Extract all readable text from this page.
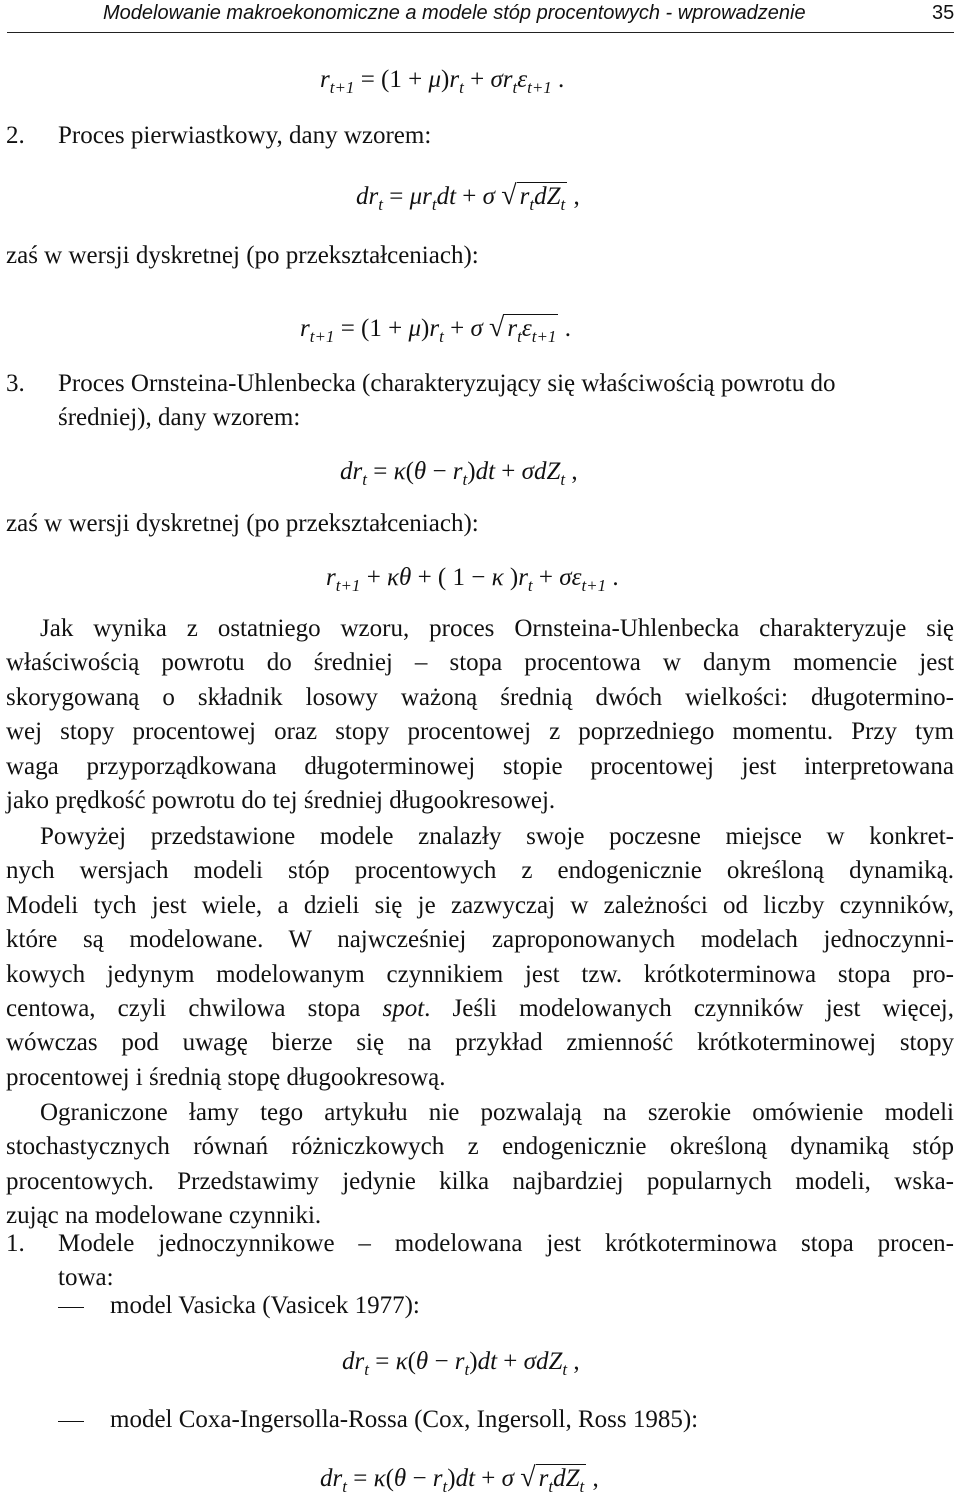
Modelowanie makroekonomiczne a modele stóp procentowych - wprowadzenie	35
$r_{t+1} = (1 + \mu)r_t + \sigma r_t\varepsilon_{t+1}$ .
2. Proces pierwiastkowy, dany wzorem:
$dr_t = \mu r_tdt + \sigma$ √ $r_tdZ_t$ ,
zaś w wersji dyskretnej (po przekształceniach):
$r_{t+1} = (1 + \mu)r_t + \sigma$ √ $r_t\varepsilon_{t+1}$ .
3. Proces Ornsteina-Uhlenbecka (charakteryzujący się właściwością powrotu do
średniej), dany wzorem:
$dr_t = \kappa(\theta - r_t)dt + \sigma dZ_t$ ,
zaś w wersji dyskretnej (po przekształceniach):
$r_{t+1} + \kappa\theta$ + ( 1 − κ )$r_t + \sigma\varepsilon_{t+1}$ .
Jak wynika z ostatniego wzoru, proces Ornsteina-Uhlenbecka charakteryzuje się
właściwością powrotu do średniej – stopa procentowa w danym momencie jest
skorygowaną o składnik losowy ważoną średnią dwóch wielkości: długotermino-
wej stopy procentowej oraz stopy procentowej z poprzedniego momentu. Przy tym
waga przyporządkowana długoterminowej stopie procentowej jest interpretowana
jako prędkość powrotu do tej średniej długookresowej.
Powyżej przedstawione modele znalazły swoje poczesne miejsce w konkret-
nych wersjach modeli stóp procentowych z endogenicznie określoną dynamiką.
Modeli tych jest wiele, a dzieli się je zazwyczaj w zależności od liczby czynników,
które są modelowane. W najwcześniej zaproponowanych modelach jednoczynni-
kowych jedynym modelowanym czynnikiem jest tzw. krótkoterminowa stopa pro-
centowa, czyli chwilowa stopa spot. Jeśli modelowanych czynników jest więcej,
wówczas pod uwagę bierze się na przykład zmienność krótkoterminowej stopy
procentowej i średnią stopę długookresową.
Ograniczone łamy tego artykułu nie pozwalają na szerokie omówienie modeli
stochastycznych równań różniczkowych z endogenicznie określoną dynamiką stóp
procentowych. Przedstawimy jedynie kilka najbardziej popularnych modeli, wska-
zując na modelowane czynniki.
1. Modele jednoczynnikowe – modelowana jest krótkoterminowa stopa procen-
towa:
model Vasicka (Vasicek 1977):
$dr_t = \kappa(\theta - r_t)dt + \sigma dZ_t$ ,
model Coxa-Ingersolla-Rossa (Cox, Ingersoll, Ross 1985):
$dr_t = \kappa(\theta - r_t)dt + \sigma$ √ $r_tdZ_t$ ,
